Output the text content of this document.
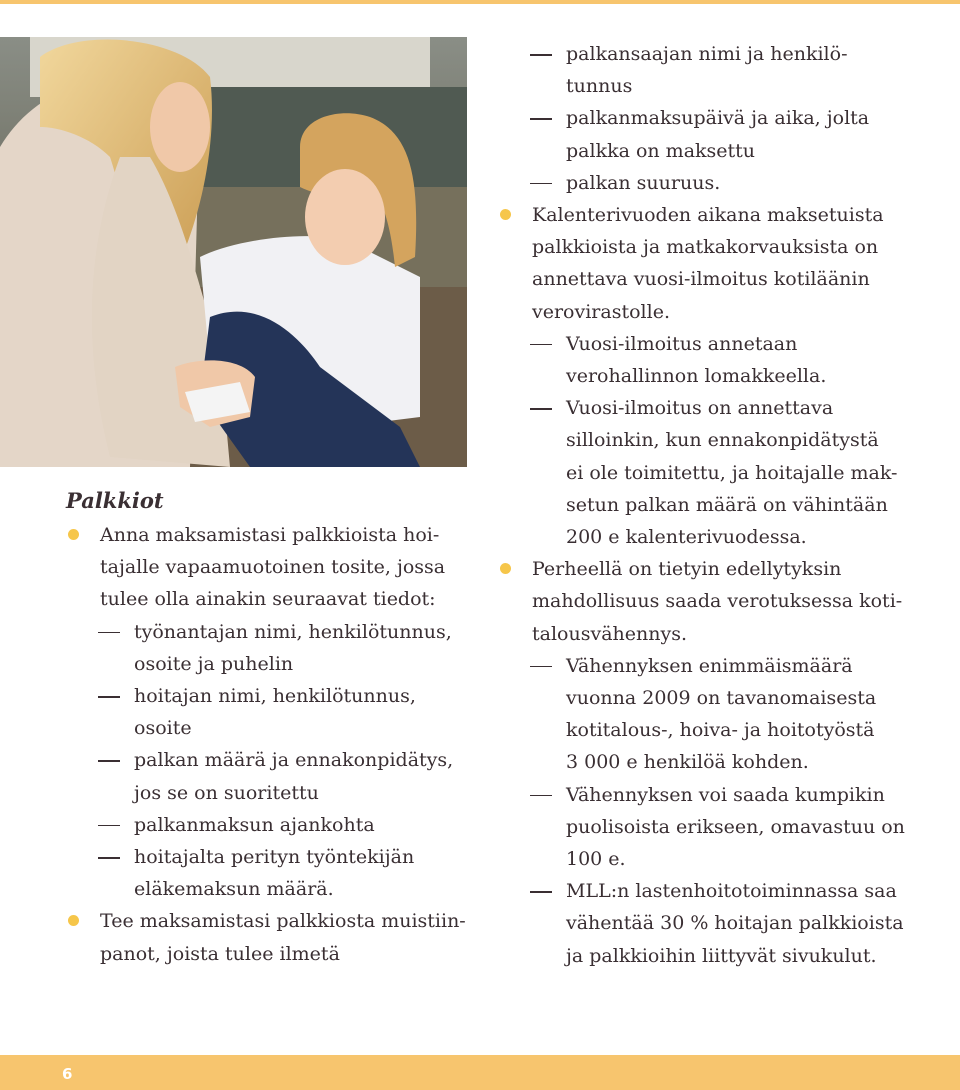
Palkkiot
Anna maksamistasi palkkioista hoi-
tajalle vapaamuotoinen tosite, jossa
tulee olla ainakin seuraavat tiedot:
työnantajan nimi, henkilötunnus,
osoite ja puhelin
hoitajan nimi, henkilötunnus,
osoite
palkan määrä ja ennakonpidätys,
jos se on suoritettu
palkanmaksun ajankohta
hoitajalta perityn työntekijän
eläkemaksun määrä.
Tee maksamistasi palkkiosta muistiin-
panot, joista tulee ilmetä
palkansaajan nimi ja henkilö-
tunnus
palkanmaksupäivä ja aika, jolta
palkka on maksettu
palkan suuruus.
Kalenterivuoden aikana maksetuista
palkkioista ja matkakorvauksista on
annettava vuosi-ilmoitus kotiläänin
verovirastolle.
Vuosi-ilmoitus annetaan
verohallinnon lomakkeella.
Vuosi-ilmoitus on annettava
silloinkin, kun ennakonpidätystä
ei ole toimitettu, ja hoitajalle mak-
setun palkan määrä on vähintään
200 e kalenterivuodessa.
Perheellä on tietyin edellytyksin
mahdollisuus saada verotuksessa koti-
talousvähennys.
Vähennyksen enimmäismäärä
vuonna 2009 on tavanomaisesta
kotitalous-, hoiva- ja hoitotyöstä
3 000 e henkilöä kohden.
Vähennyksen voi saada kumpikin
puolisoista erikseen, omavastuu on
100 e.
MLL:n lastenhoitotoiminnassa saa
vähentää 30 % hoitajan palkkioista
ja palkkioihin liittyvät sivukulut.
6
